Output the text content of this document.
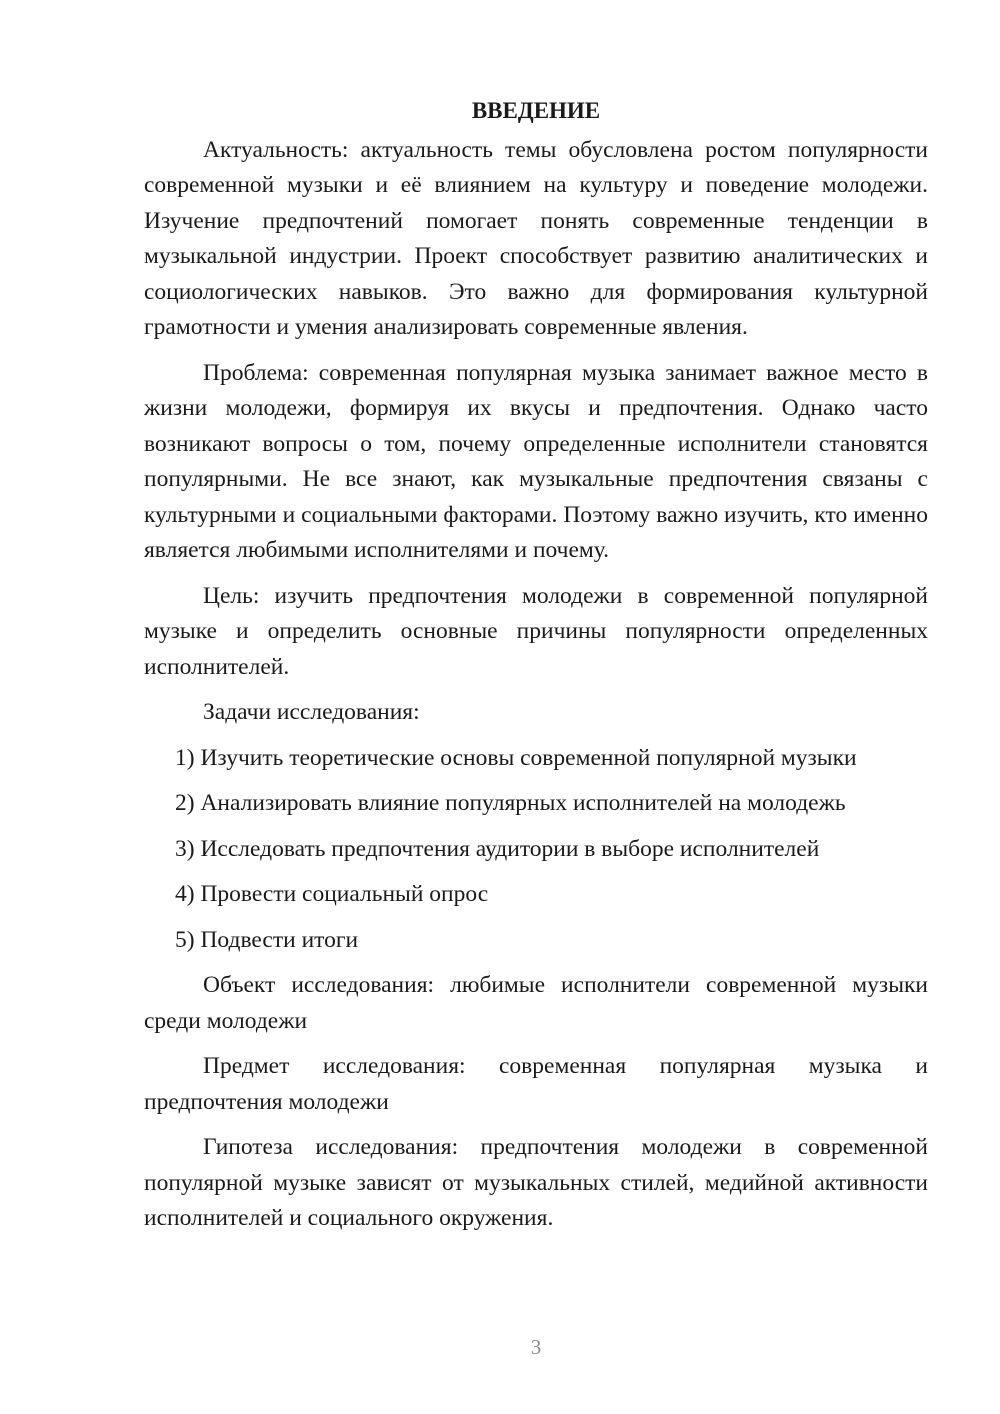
ВВЕДЕНИЕ

Актуальность: актуальность темы обусловлена ростом популярности современной музыки и её влиянием на культуру и поведение молодежи. Изучение предпочтений помогает понять современные тенденции в музыкальной индустрии. Проект способствует развитию аналитических и социологических навыков. Это важно для формирования культурной грамотности и умения анализировать современные явления.

Проблема: современная популярная музыка занимает важное место в жизни молодежи, формируя их вкусы и предпочтения. Однако часто возникают вопросы о том, почему определенные исполнители становятся популярными. Не все знают, как музыкальные предпочтения связаны с культурными и социальными факторами. Поэтому важно изучить, кто именно является любимыми исполнителями и почему.

Цель: изучить предпочтения молодежи в современной популярной музыке и определить основные причины популярности определенных исполнителей.

Задачи исследования:

1) Изучить теоретические основы современной популярной музыки
2) Анализировать влияние популярных исполнителей на молодежь
3) Исследовать предпочтения аудитории в выборе исполнителей
4) Провести социальный опрос
5) Подвести итоги

Объект исследования: любимые исполнители современной музыки среди молодежи

Предмет исследования: современная популярная музыка и предпочтения молодежи

Гипотеза исследования: предпочтения молодежи в современной популярной музыке зависят от музыкальных стилей, медийной активности исполнителей и социального окружения.

3
